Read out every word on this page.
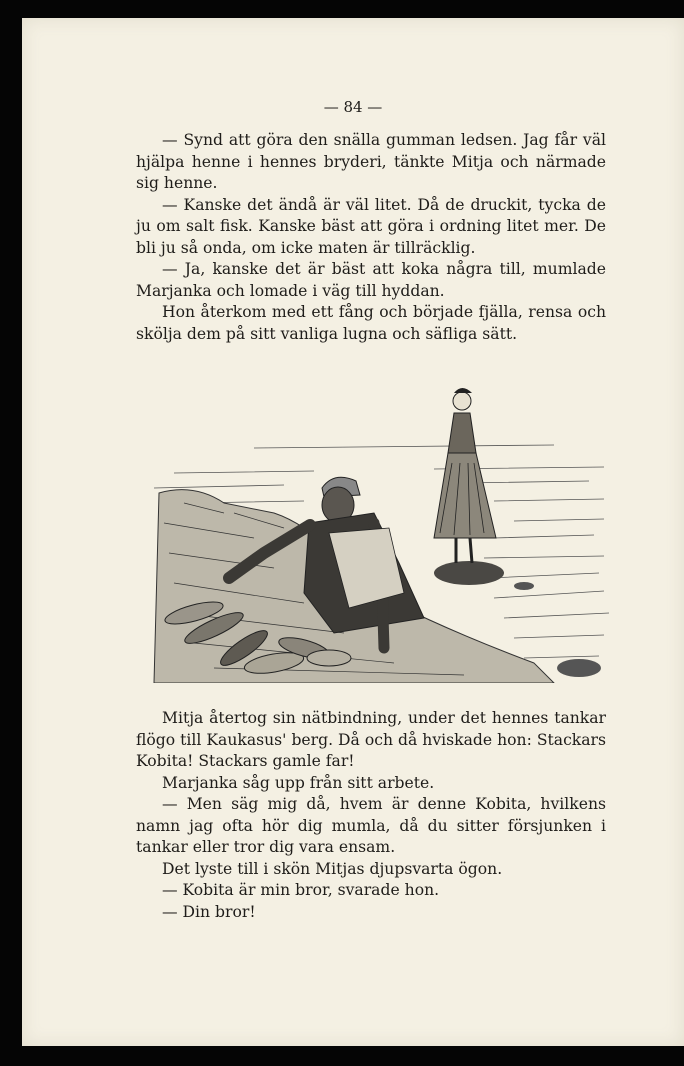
— 84 —

— Synd att göra den snälla gumman ledsen. Jag får väl hjälpa henne i hennes bryderi, tänkte Mitja och närmade sig henne.

— Kanske det ändå är väl litet. Då de druckit, tycka de ju om salt fisk. Kanske bäst att göra i ordning litet mer. De bli ju så onda, om icke maten är tillräcklig.

— Ja, kanske det är bäst att koka några till, mumlade Marjanka och lomade i väg till hyddan.

Hon återkom med ett fång och började fjälla, rensa och skölja dem på sitt vanliga lugna och säfliga sätt.

Mitja återtog sin nätbindning, under det hennes tankar flögo till Kaukasus' berg. Då och då hviskade hon: Stackars Kobita! Stackars gamle far!

Marjanka såg upp från sitt arbete.

— Men säg mig då, hvem är denne Kobita, hvilkens namn jag ofta hör dig mumla, då du sitter försjunken i tankar eller tror dig vara ensam.

Det lyste till i skön Mitjas djupsvarta ögon.

— Kobita är min bror, svarade hon.

— Din bror!
